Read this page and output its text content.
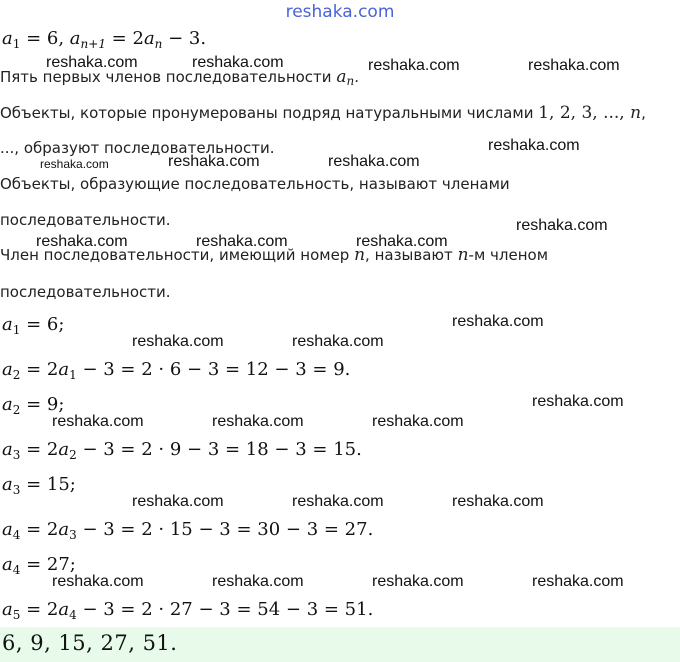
reshaka.com
$a_1 = 6$, $a_{n+1} = 2a_n - 3$.
Пять первых членов последовательности $a_n$.
Объекты, которые пронумерованы подряд натуральными числами 1, 2, 3, ..., n,
..., образуют последовательности.
Объекты, образующие последовательность, называют членами
последовательности.
Член последовательности, имеющий номер n, называют n-м членом
последовательности.
$a_1 = 6$;
$a_2 = 2a_1 - 3 = 2 \cdot 6 - 3 = 12 - 3 = 9$.
$a_2 = 9$;
$a_3 = 2a_2 - 3 = 2 \cdot 9 - 3 = 18 - 3 = 15$.
$a_3 = 15$;
$a_4 = 2a_3 - 3 = 2 \cdot 15 - 3 = 30 - 3 = 27$.
$a_4 = 27$;
$a_5 = 2a_4 - 3 = 2 \cdot 27 - 3 = 54 - 3 = 51$.
6, 9, 15, 27, 51.
reshaka.com	reshaka.com	reshaka.com	reshaka.com
reshaka.com
reshaka.com	reshaka.com	reshaka.com
reshaka.com
reshaka.com	reshaka.com	reshaka.com
reshaka.com
reshaka.com	reshaka.com
reshaka.com
reshaka.com	reshaka.com	reshaka.com
reshaka.com	reshaka.com	reshaka.com
reshaka.com	reshaka.com	reshaka.com	reshaka.com
